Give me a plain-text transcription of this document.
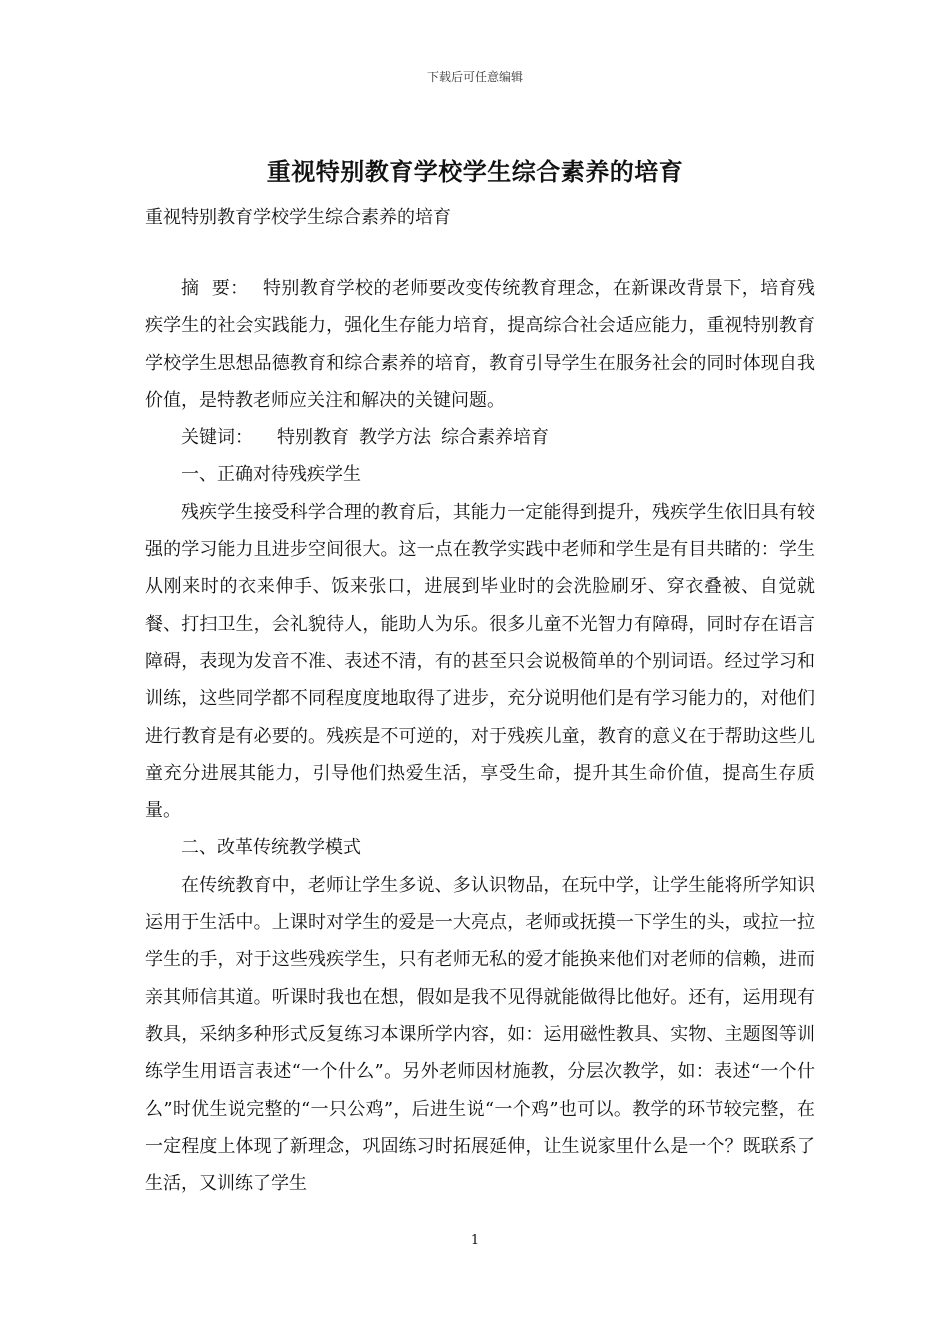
下载后可任意编辑
重视特别教育学校学生综合素养的培育
重视特别教育学校学生综合素养的培育

摘  要： 特别教育学校的老师要改变传统教育理念，在新课改背景下，培育残疾学生的社会实践能力，强化生存能力培育，提高综合社会适应能力，重视特别教育学校学生思想品德教育和综合素养的培育，教育引导学生在服务社会的同时体现自我价值，是特教老师应关注和解决的关键问题。

关键词： 特别教育 教学方法 综合素养培育

一、正确对待残疾学生

残疾学生接受科学合理的教育后，其能力一定能得到提升，残疾学生依旧具有较强的学习能力且进步空间很大。这一点在教学实践中老师和学生是有目共睹的：学生从刚来时的衣来伸手、饭来张口，进展到毕业时的会洗脸刷牙、穿衣叠被、自觉就餐、打扫卫生，会礼貌待人，能助人为乐。很多儿童不光智力有障碍，同时存在语言障碍，表现为发音不准、表述不清，有的甚至只会说极简单的个别词语。经过学习和训练，这些同学都不同程度度地取得了进步，充分说明他们是有学习能力的，对他们进行教育是有必要的。残疾是不可逆的，对于残疾儿童，教育的意义在于帮助这些儿童充分进展其能力，引导他们热爱生活，享受生命，提升其生命价值，提高生存质量。

二、改革传统教学模式

在传统教育中，老师让学生多说、多认识物品，在玩中学，让学生能将所学知识运用于生活中。上课时对学生的爱是一大亮点，老师或抚摸一下学生的头，或拉一拉学生的手，对于这些残疾学生，只有老师无私的爱才能换来他们对老师的信赖，进而亲其师信其道。听课时我也在想，假如是我不见得就能做得比他好。还有，运用现有教具，采纳多种形式反复练习本课所学内容，如：运用磁性教具、实物、主题图等训练学生用语言表述“一个什么”。另外老师因材施教，分层次教学，如：表述“一个什么”时优生说完整的“一只公鸡”，后进生说“一个鸡”也可以。教学的环节较完整，在一定程度上体现了新理念，巩固练习时拓展延伸，让生说家里什么是一个？既联系了生活，又训练了学生

1
